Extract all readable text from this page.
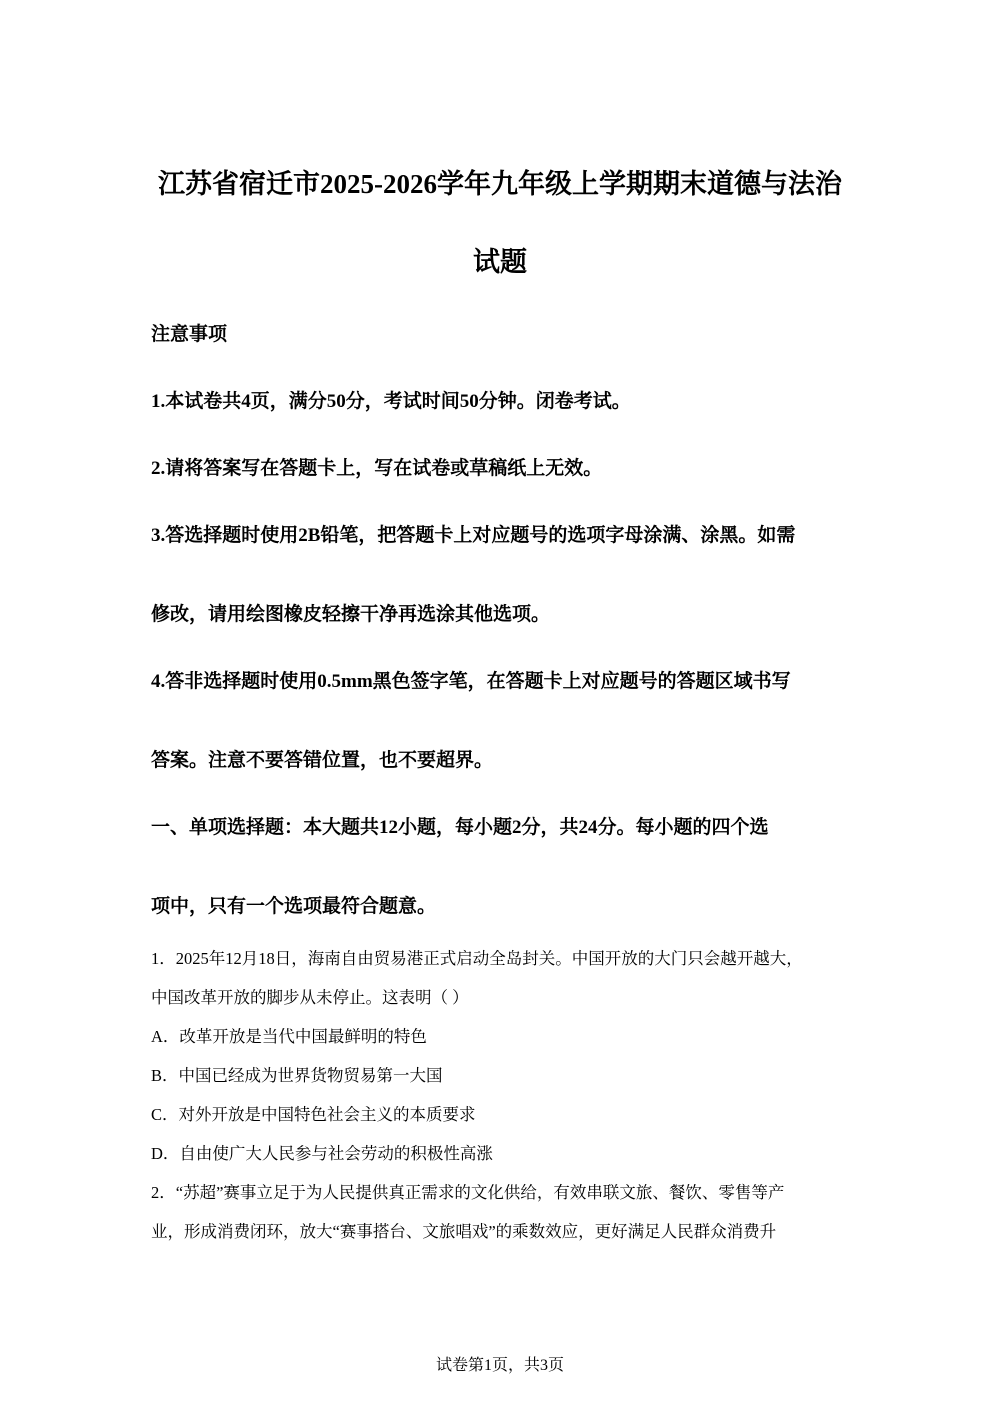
江苏省宿迁市2025-2026学年九年级上学期期末道德与法治
试题
注意事项
1.本试卷共4页，满分50分，考试时间50分钟。闭卷考试。
2.请将答案写在答题卡上，写在试卷或草稿纸上无效。
3.答选择题时使用2B铅笔，把答题卡上对应题号的选项字母涂满、涂黑。如需
修改，请用绘图橡皮轻擦干净再选涂其他选项。
4.答非选择题时使用0.5mm黑色签字笔，在答题卡上对应题号的答题区域书写
答案。注意不要答错位置，也不要超界。
一、单项选择题：本大题共12小题，每小题2分，共24分。每小题的四个选
项中，只有一个选项最符合题意。
1．2025年12月18日，海南自由贸易港正式启动全岛封关。中国开放的大门只会越开越大，
中国改革开放的脚步从未停止。这表明（ ）
A．改革开放是当代中国最鲜明的特色
B．中国已经成为世界货物贸易第一大国
C．对外开放是中国特色社会主义的本质要求
D．自由使广大人民参与社会劳动的积极性高涨
2．“苏超”赛事立足于为人民提供真正需求的文化供给，有效串联文旅、餐饮、零售等产
业，形成消费闭环，放大“赛事搭台、文旅唱戏”的乘数效应，更好满足人民群众消费升
试卷第1页，共3页
